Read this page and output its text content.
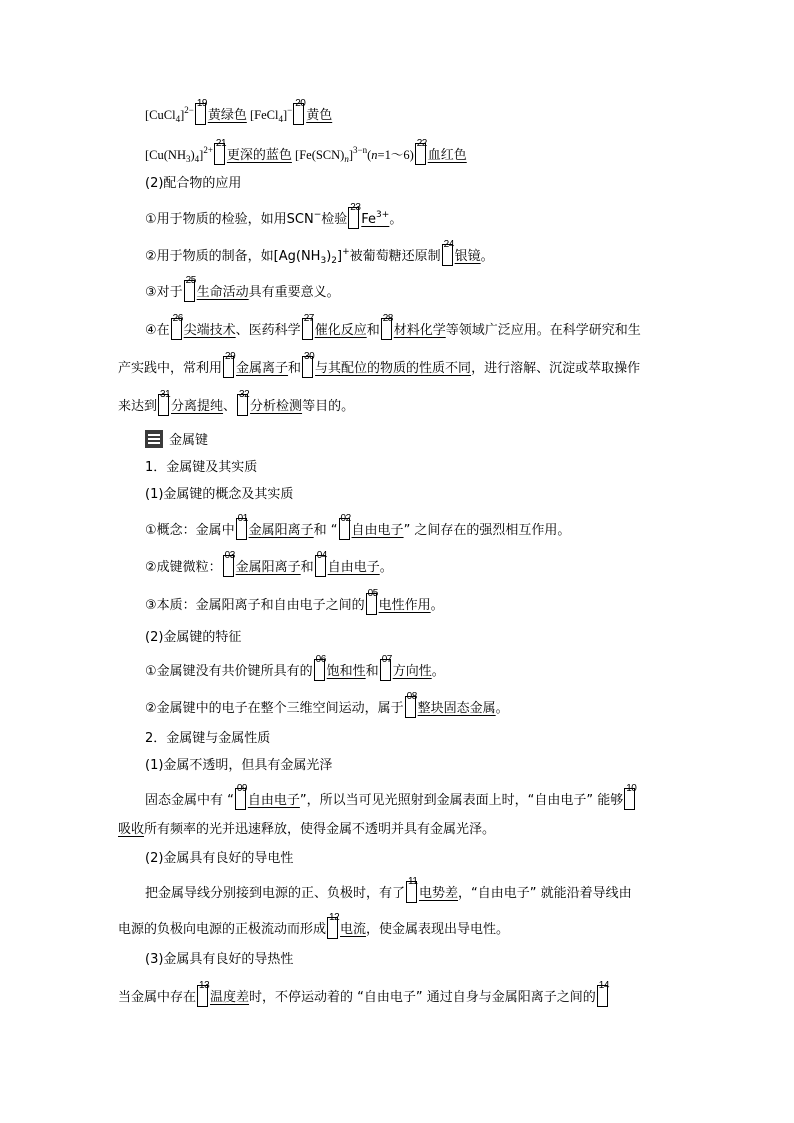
[CuCl$_4$]$^{2-}$
19
黄绿色 [FeCl$_4$]−
20
黄色
$[Cu(NH_3)_4]^{2+}$
21
更深的蓝色 $[Fe(SCN)_n]^{3-n}(n=1\sim 6)$
22
血红色
(2)配合物的应用
①用于物质的检验，如用SCN−检验
23
$Fe^{3+}$。
②用于物质的制备，如$[Ag(NH_3)_2]^+$被葡萄糖还原制
24
银镜。
③对于
25
生命活动具有重要意义。
④在
26
尖端技术、医药科学
27
催化反应和
28
材料化学等领域广泛应用。在科学研究和生
产实践中，常利用
29
金属离子和
30
与其配位的物质的性质不同，进行溶解、沉淀或萃取操作
来达到
31
分离提纯、
32
分析检测等目的。
金属键
1．金属键及其实质
(1)金属键的概念及其实质
①概念：金属中
01
金属阳离子和 “
02
自由电子” 之间存在的强烈相互作用。
②成键微粒：
03
金属阳离子和
04
自由电子。
③本质：金属阳离子和自由电子之间的
05
电性作用。
(2)金属键的特征
①金属键没有共价键所具有的
06
饱和性和
07
方向性。
②金属键中的电子在整个三维空间运动，属于
08
整块固态金属。
2．金属键与金属性质
(1)金属不透明，但具有金属光泽
固态金属中有 “
09
自由电子”，所以当可见光照射到金属表面上时，“自由电子” 能够
10
吸收所有频率的光并迅速释放，使得金属不透明并具有金属光泽。
(2)金属具有良好的导电性
把金属导线分别接到电源的正、负极时，有了
11
电势差，“自由电子” 就能沿着导线由
电源的负极向电源的正极流动而形成
12
电流，使金属表现出导电性。
(3)金属具有良好的导热性
当金属中存在
13
温度差时，不停运动着的 “自由电子” 通过自身与金属阳离子之间的
14
